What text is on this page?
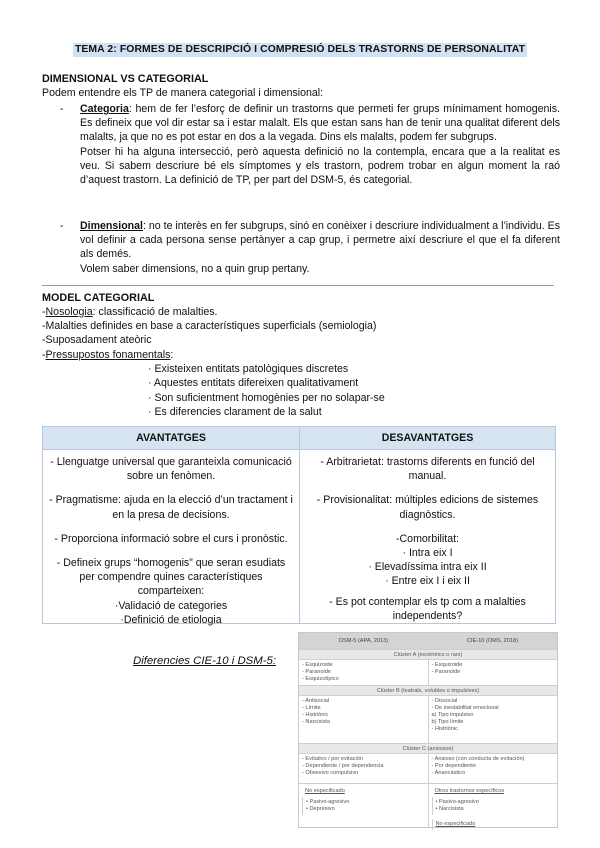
TEMA 2: FORMES DE DESCRIPCIÓ I COMPRESIÓ DELS TRASTORNS DE PERSONALITAT
DIMENSIONAL VS CATEGORIAL
Podem entendre els TP de manera categorial i dimensional:
- Categoria: hem de fer l’esforç de definir un trastorns que permeti fer grups mínimament homogenis. Es defineix que vol dir estar sa i estar malalt. Els que estan sans han de tenir una qualitat diferent dels malalts, ja que no es pot estar en dos a la vegada. Dins els malalts, podem fer subgrups.

Potser hi ha alguna intersecció, però aquesta definició no la contempla, encara que a la realitat es veu. Si sabem descriure bé els símptomes y els trastorn, podrem trobar en algun moment la raó d’aquest trastorn. La definició de TP, per part del DSM-5, és categorial.

- Dimensional: no te interès en fer subgrups, sinó en conèixer i descriure individualment a l’individu. Es vol definir a cada persona sense pertànyer a cap grup, i permetre així descriure el que el fa diferent als demés.

Volem saber dimensions, no a quin grup pertany.

MODEL CATEGORIAL
-Nosologia: classificació de malalties.
-Malalties definides en base a característiques superficials (semiologia)
-Suposadament ateòric
-Pressupostos fonamentals:
· Existeixen entitats patològiques discretes
· Aquestes entitats difereixen qualitativament
· Son suficientment homogènies per no solapar-se
· Es diferencies clarament de la salut
AVANTATGES	DESAVANTATGES

- Llenguatge universal que garanteixla comunicació sobre un fenòmen.

- Pragmatisme: ajuda en la elecció d’un tractament i en la presa de decisions.

- Proporciona informació sobre el curs i pronòstic.

- Defineix grups “homogenis” que seran esudiats per compendre quines característiques comparteixen:
·Validació de categories
·Definició de etiologia

- Arbitrarietat: trastorns diferents en funció del manual.

- Provisionalitat: múltiples edicions de sistemes diagnòstics.

-Comorbilitat:
· Intra eix I
· Elevadíssima intra eix II
· Entre eix I i eix II

- Es pot contemplar els tp com a malalties independents?

Diferencies CIE-10 i DSM-5:
DSM-5 (APA, 2013)	CIE-10 (OMS, 2018)
Clúster A (excèntrics o rars)
- Esquizoide
- Paranoide
- Esquizotípico
- Esquizoide
- Paranoide
Clúster B (teatrals, volubles o impulsives)
- Antisocial
- Límite
- Histriònic
- Narcisista
- Dissocial
- De inestabilitat emocional
a) Tipo impulsivo
b) Tipo límite
- Histriònic
Clúster C (ansiosos)
- Evitativo / por evitación
- Dependiente / por dependencia
- Obsesivo compulsivo
- Ansioso (con conducta de evitación)
- Por dependiente
- Anancástico
No especificado
• Pasivo-agresivo
• Depresivo
Otros trastornos específicos
• Pasivo-agresivo
• Narcisista
No especificado
